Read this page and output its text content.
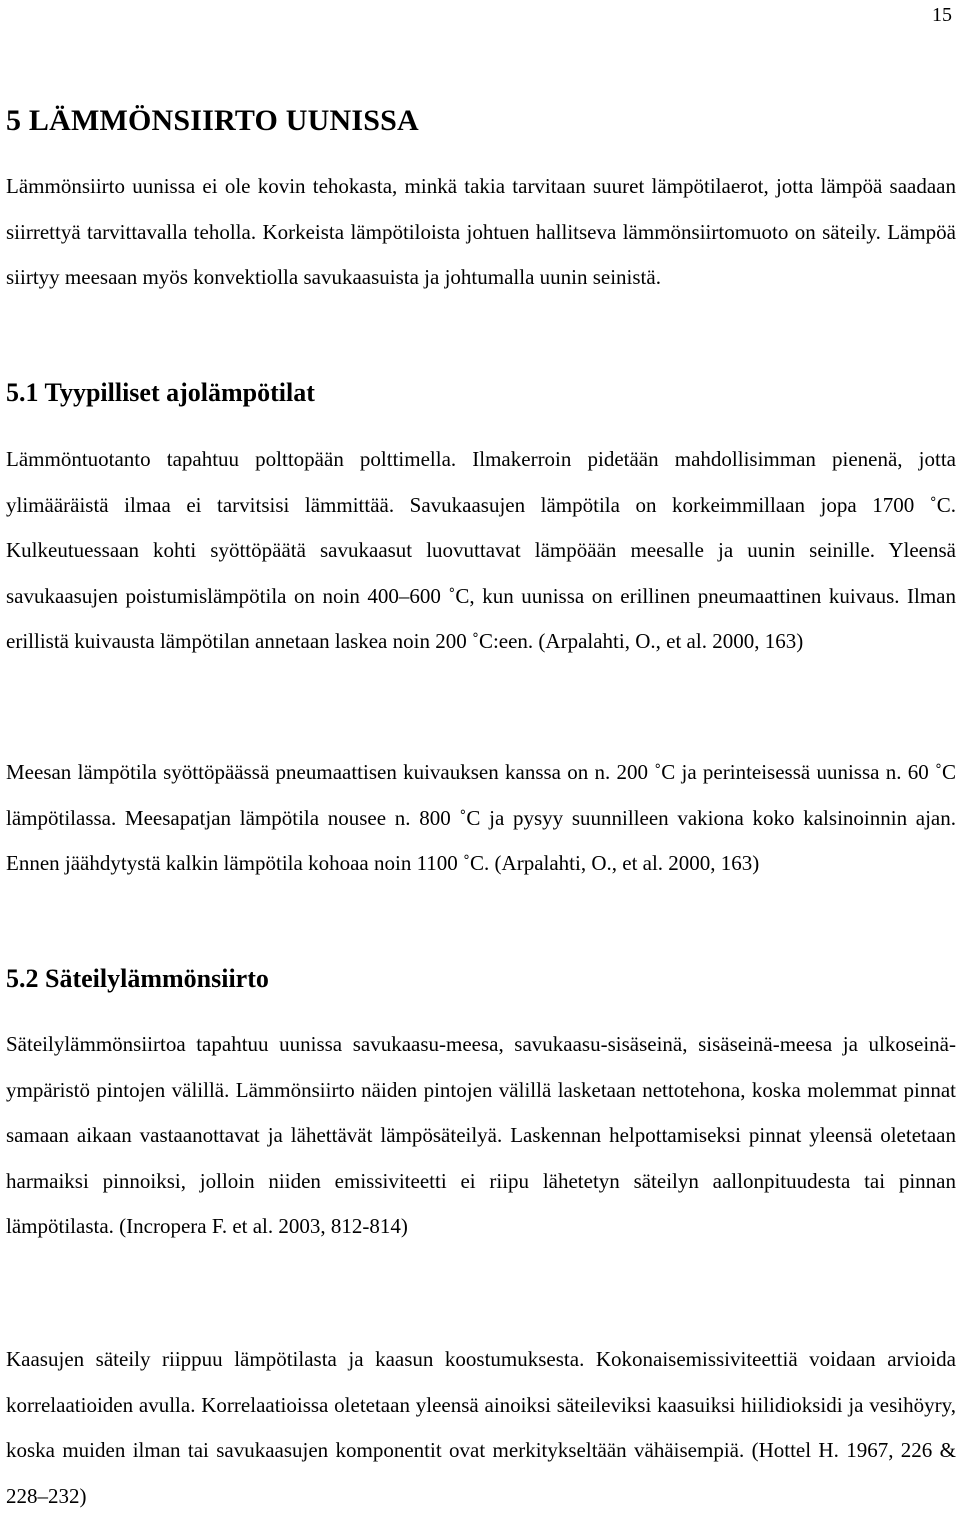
15
5 LÄMMÖNSIIRTO UUNISSA

Lämmönsiirto uunissa ei ole kovin tehokasta, minkä takia tarvitaan suuret lämpötilaerot, jotta lämpöä saadaan siirrettyä tarvittavalla teholla. Korkeista lämpötiloista johtuen hallitseva lämmönsiirtomuoto on säteily. Lämpöä siirtyy meesaan myös konvektiolla savukaasuista ja johtumalla uunin seinistä.

5.1 Tyypilliset ajolämpötilat

Lämmöntuotanto tapahtuu polttopään polttimella. Ilmakerroin pidetään mahdollisimman pienenä, jotta ylimääräistä ilmaa ei tarvitsisi lämmittää. Savukaasujen lämpötila on korkeimmillaan jopa 1700 ˚C. Kulkeutuessaan kohti syöttöpäätä savukaasut luovuttavat lämpöään meesalle ja uunin seinille. Yleensä savukaasujen poistumislämpötila on noin 400–600 ˚C, kun uunissa on erillinen pneumaattinen kuivaus. Ilman erillistä kuivausta lämpötilan annetaan laskea noin 200 ˚C:een. (Arpalahti, O., et al. 2000, 163)

Meesan lämpötila syöttöpäässä pneumaattisen kuivauksen kanssa on n. 200 ˚C ja perinteisessä uunissa n. 60 ˚C lämpötilassa. Meesapatjan lämpötila nousee n. 800 ˚C ja pysyy suunnilleen vakiona koko kalsinoinnin ajan. Ennen jäähdytystä kalkin lämpötila kohoaa noin 1100 ˚C. (Arpalahti, O., et al. 2000, 163)

5.2 Säteilylämmönsiirto

Säteilylämmönsiirtoa tapahtuu uunissa savukaasu-meesa, savukaasu-sisäseinä, sisäseinä-meesa ja ulkoseinä-ympäristö pintojen välillä. Lämmönsiirto näiden pintojen välillä lasketaan nettotehona, koska molemmat pinnat samaan aikaan vastaanottavat ja lähettävät lämpösäteilyä. Laskennan helpottamiseksi pinnat yleensä oletetaan harmaiksi pinnoiksi, jolloin niiden emissiviteetti ei riipu lähetetyn säteilyn aallonpituudesta tai pinnan lämpötilasta. (Incropera F. et al. 2003, 812-814)

Kaasujen säteily riippuu lämpötilasta ja kaasun koostumuksesta. Kokonaisemissiviteettiä voidaan arvioida korrelaatioiden avulla. Korrelaatioissa oletetaan yleensä ainoiksi säteileviksi kaasuiksi hiilidioksidi ja vesihöyry, koska muiden ilman tai savukaasujen komponentit ovat merkitykseltään vähäisempiä. (Hottel H. 1967, 226 & 228–232)
